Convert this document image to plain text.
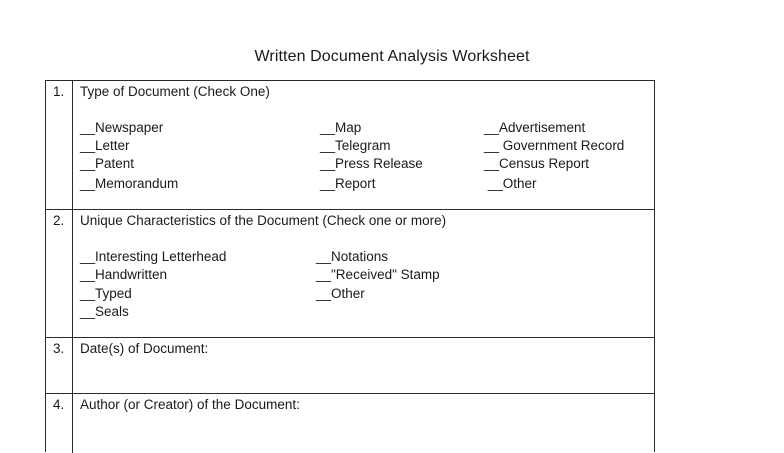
Written Document Analysis Worksheet
1. Type of Document (Check One)
__Newspaper
__Letter
__Patent
__Memorandum
__Map
__Telegram
__Press Release
__Report
__Advertisement
__ Government Record
__Census Report
__Other
2. Unique Characteristics of the Document (Check one or more)
__Interesting Letterhead
__Handwritten
__Typed
__Seals
__Notations
__"Received" Stamp
__Other
3. Date(s) of Document:
4. Author (or Creator) of the Document:
